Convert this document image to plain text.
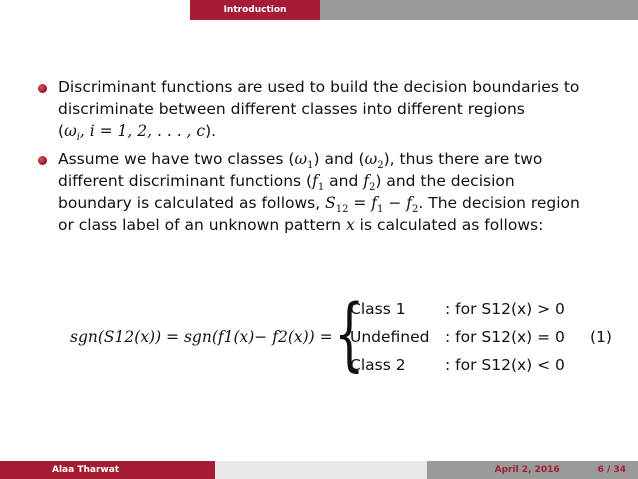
Introduction
Discriminant functions are used to build the decision boundaries to
discriminate between different classes into different regions
($\omega_i$, i = 1, 2, . . . , c).
Assume we have two classes $(\omega_1)$ and $(\omega_2)$, thus there are two
different discriminant functions ($f_1$ and $f_2$) and the decision
boundary is calculated as follows, $S_{12} = f_1 - f_2$. The decision region
or class label of an unknown pattern x is calculated as follows:
sgn(S12(x)) = sgn(f1(x)− f2(x)) = {
Class 1	: for S12(x) > 0
Undefined : for S12(x) = 0
Class 2	: for S12(x) < 0
(1)
Alaa Tharwat	April 2, 2016	6 / 34
